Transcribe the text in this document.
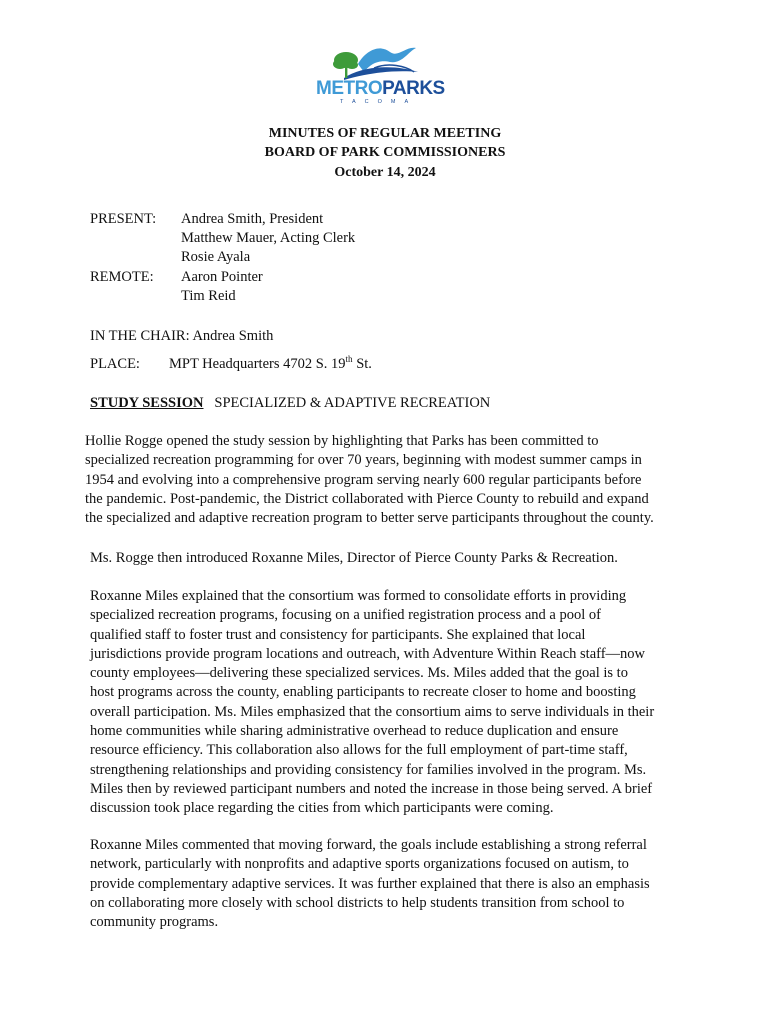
METROPARKS
TACOMA
MINUTES OF REGULAR MEETING
BOARD OF PARK COMMISSIONERS
October 14, 2024
PRESENT: Andrea Smith, President
Matthew Mauer, Acting Clerk
Rosie Ayala
REMOTE: Aaron Pointer
Tim Reid
IN THE CHAIR: Andrea Smith
PLACE: MPT Headquarters 4702 S. 19th St.
STUDY SESSION SPECIALIZED & ADAPTIVE RECREATION
Hollie Rogge opened the study session by highlighting that Parks has been committed to
specialized recreation programming for over 70 years, beginning with modest summer camps in
1954 and evolving into a comprehensive program serving nearly 600 regular participants before
the pandemic. Post-pandemic, the District collaborated with Pierce County to rebuild and expand
the specialized and adaptive recreation program to better serve participants throughout the county.
Ms. Rogge then introduced Roxanne Miles, Director of Pierce County Parks & Recreation.
Roxanne Miles explained that the consortium was formed to consolidate efforts in providing
specialized recreation programs, focusing on a unified registration process and a pool of
qualified staff to foster trust and consistency for participants. She explained that local
jurisdictions provide program locations and outreach, with Adventure Within Reach staff—now
county employees—delivering these specialized services. Ms. Miles added that the goal is to
host programs across the county, enabling participants to recreate closer to home and boosting
overall participation. Ms. Miles emphasized that the consortium aims to serve individuals in their
home communities while sharing administrative overhead to reduce duplication and ensure
resource efficiency. This collaboration also allows for the full employment of part-time staff,
strengthening relationships and providing consistency for families involved in the program. Ms.
Miles then by reviewed participant numbers and noted the increase in those being served. A brief
discussion took place regarding the cities from which participants were coming.
Roxanne Miles commented that moving forward, the goals include establishing a strong referral
network, particularly with nonprofits and adaptive sports organizations focused on autism, to
provide complementary adaptive services. It was further explained that there is also an emphasis
on collaborating more closely with school districts to help students transition from school to
community programs.
